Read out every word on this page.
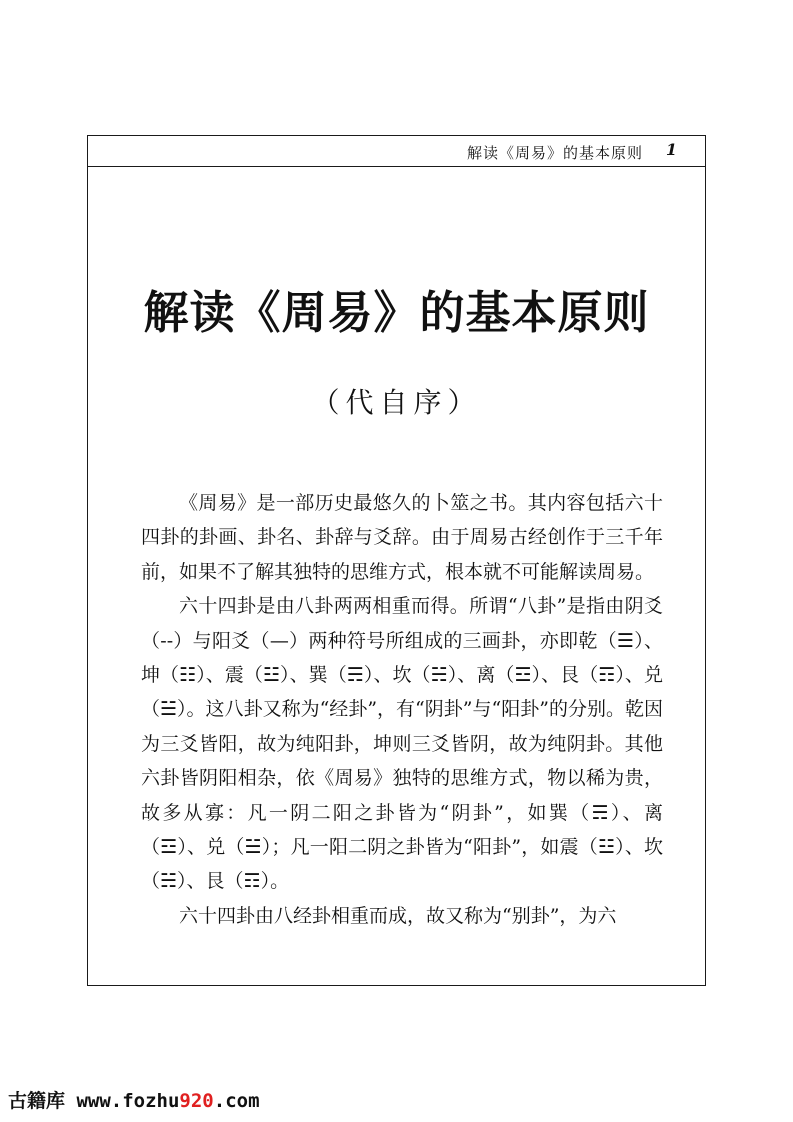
解读《周易》的基本原则 1
解读《周易》的基本原则
（代自序）

《周易》是一部历史最悠久的卜筮之书。其内容包括六十四卦的卦画、卦名、卦辞与爻辞。由于周易古经创作于三千年前，如果不了解其独特的思维方式，根本就不可能解读周易。

六十四卦是由八卦两两相重而得。所谓“八卦”是指由阴爻（--）与阳爻（—）两种符号所组成的三画卦，亦即乾（☰）、坤（☷）、震（☳）、巽（☴）、坎（☵）、离（☲）、艮（☶）、兑（☱）。这八卦又称为“经卦”，有“阴卦”与“阳卦”的分别。乾因为三爻皆阳，故为纯阳卦，坤则三爻皆阴，故为纯阴卦。其他六卦皆阴阳相杂，依《周易》独特的思维方式，物以稀为贵，故多从寡：凡一阴二阳之卦皆为“阴卦”，如巽（☴）、离（☲）、兑（☱）；凡一阳二阴之卦皆为“阳卦”，如震（☳）、坎（☵）、艮（☶）。

六十四卦由八经卦相重而成，故又称为“别卦”，为六

古籍库 www.fozhu920.com
